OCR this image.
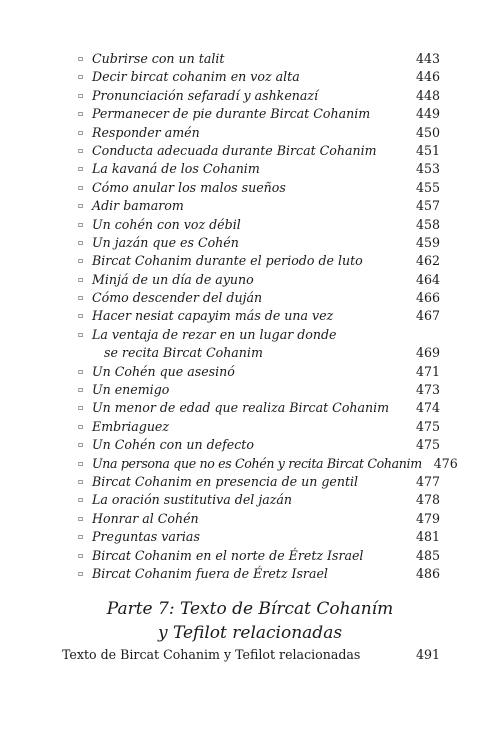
▫ Cubrirse con un talit	443
▫ Decir bircat cohanim en voz alta	446
▫ Pronunciación sefaradí y ashkenazí	448
▫ Permanecer de pie durante Bircat Cohanim	449
▫ Responder amén	450
▫ Conducta adecuada durante Bircat Cohanim	451
▫ La kavaná de los Cohanim	453
▫ Cómo anular los malos sueños	455
▫ Adir bamarom	457
▫ Un cohén con voz débil	458
▫ Un jazán que es Cohén	459
▫ Bircat Cohanim durante el periodo de luto	462
▫ Minjá de un día de ayuno	464
▫ Cómo descender del duján	466
▫ Hacer nesiat capayim más de una vez	467
▫ La ventaja de rezar en un lugar donde
se recita Bircat Cohanim	469
▫ Un Cohén que asesinó	471
▫ Un enemigo	473
▫ Un menor de edad que realiza Bircat Cohanim	474
▫ Embriaguez	475
▫ Un Cohén con un defecto	475
▫ Una persona que no es Cohén y recita Bircat Cohanim 476
▫ Bircat Cohanim en presencia de un gentil	477
▫ La oración sustitutiva del jazán	478
▫ Honrar al Cohén	479
▫ Preguntas varias	481
▫ Bircat Cohanim en el norte de Éretz Israel	485
▫ Bircat Cohanim fuera de Éretz Israel	486
Parte 7: Texto de Bírcat Cohaním
y Tefilot relacionadas
Texto de Bircat Cohanim y Tefilot relacionadas	491
